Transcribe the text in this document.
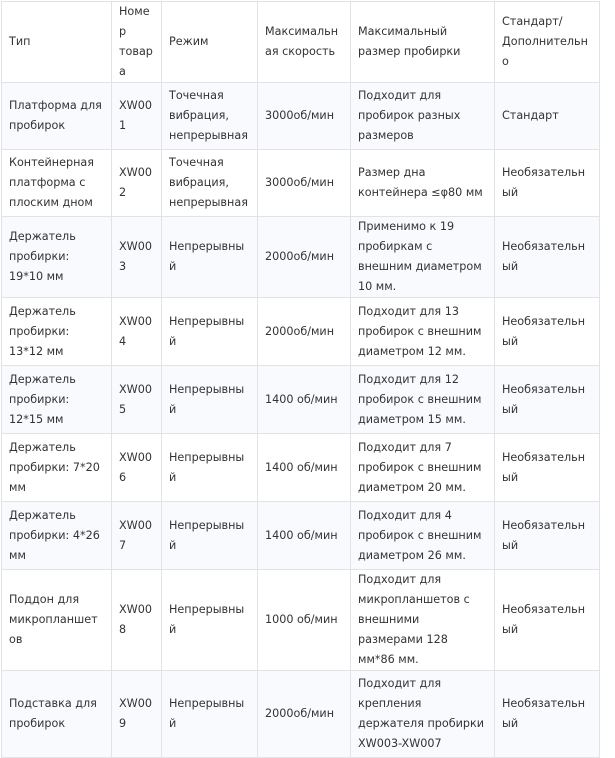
Тип	Номер товара	Режим	Максимальная скорость	Максимальный размер пробирки	Стандарт/ Дополнительно
Платформа для пробирок	XW001	Точечная вибрация, непрерывная	3000об/мин	Подходит для пробирок разных размеров	Стандарт
Контейнерная платформа с плоским дном	XW002	Точечная вибрация, непрерывная	3000об/мин	Размер дна контейнера ≤φ80 мм	Необязательный
Держатель пробирки: 19*10 мм	XW003	Непрерывный	2000об/мин	Применимо к 19 пробиркам с внешним диаметром 10 мм.	Необязательный
Держатель пробирки: 13*12 мм	XW004	Непрерывный	2000об/мин	Подходит для 13 пробирок с внешним диаметром 12 мм.	Необязательный
Держатель пробирки: 12*15 мм	XW005	Непрерывный	1400 об/мин	Подходит для 12 пробирок с внешним диаметром 15 мм.	Необязательный
Держатель пробирки: 7*20 мм	XW006	Непрерывный	1400 об/мин	Подходит для 7 пробирок с внешним диаметром 20 мм.	Необязательный
Держатель пробирки: 4*26 мм	XW007	Непрерывный	1400 об/мин	Подходит для 4 пробирок с внешним диаметром 26 мм.	Необязательный
Поддон для микропланшетов	XW008	Непрерывный	1000 об/мин	Подходит для микропланшетов с внешними размерами 128 мм*86 мм.	Необязательный
Подставка для пробирок	XW009	Непрерывный	2000об/мин	Подходит для крепления держателя пробирки XW003-XW007	Необязательный
